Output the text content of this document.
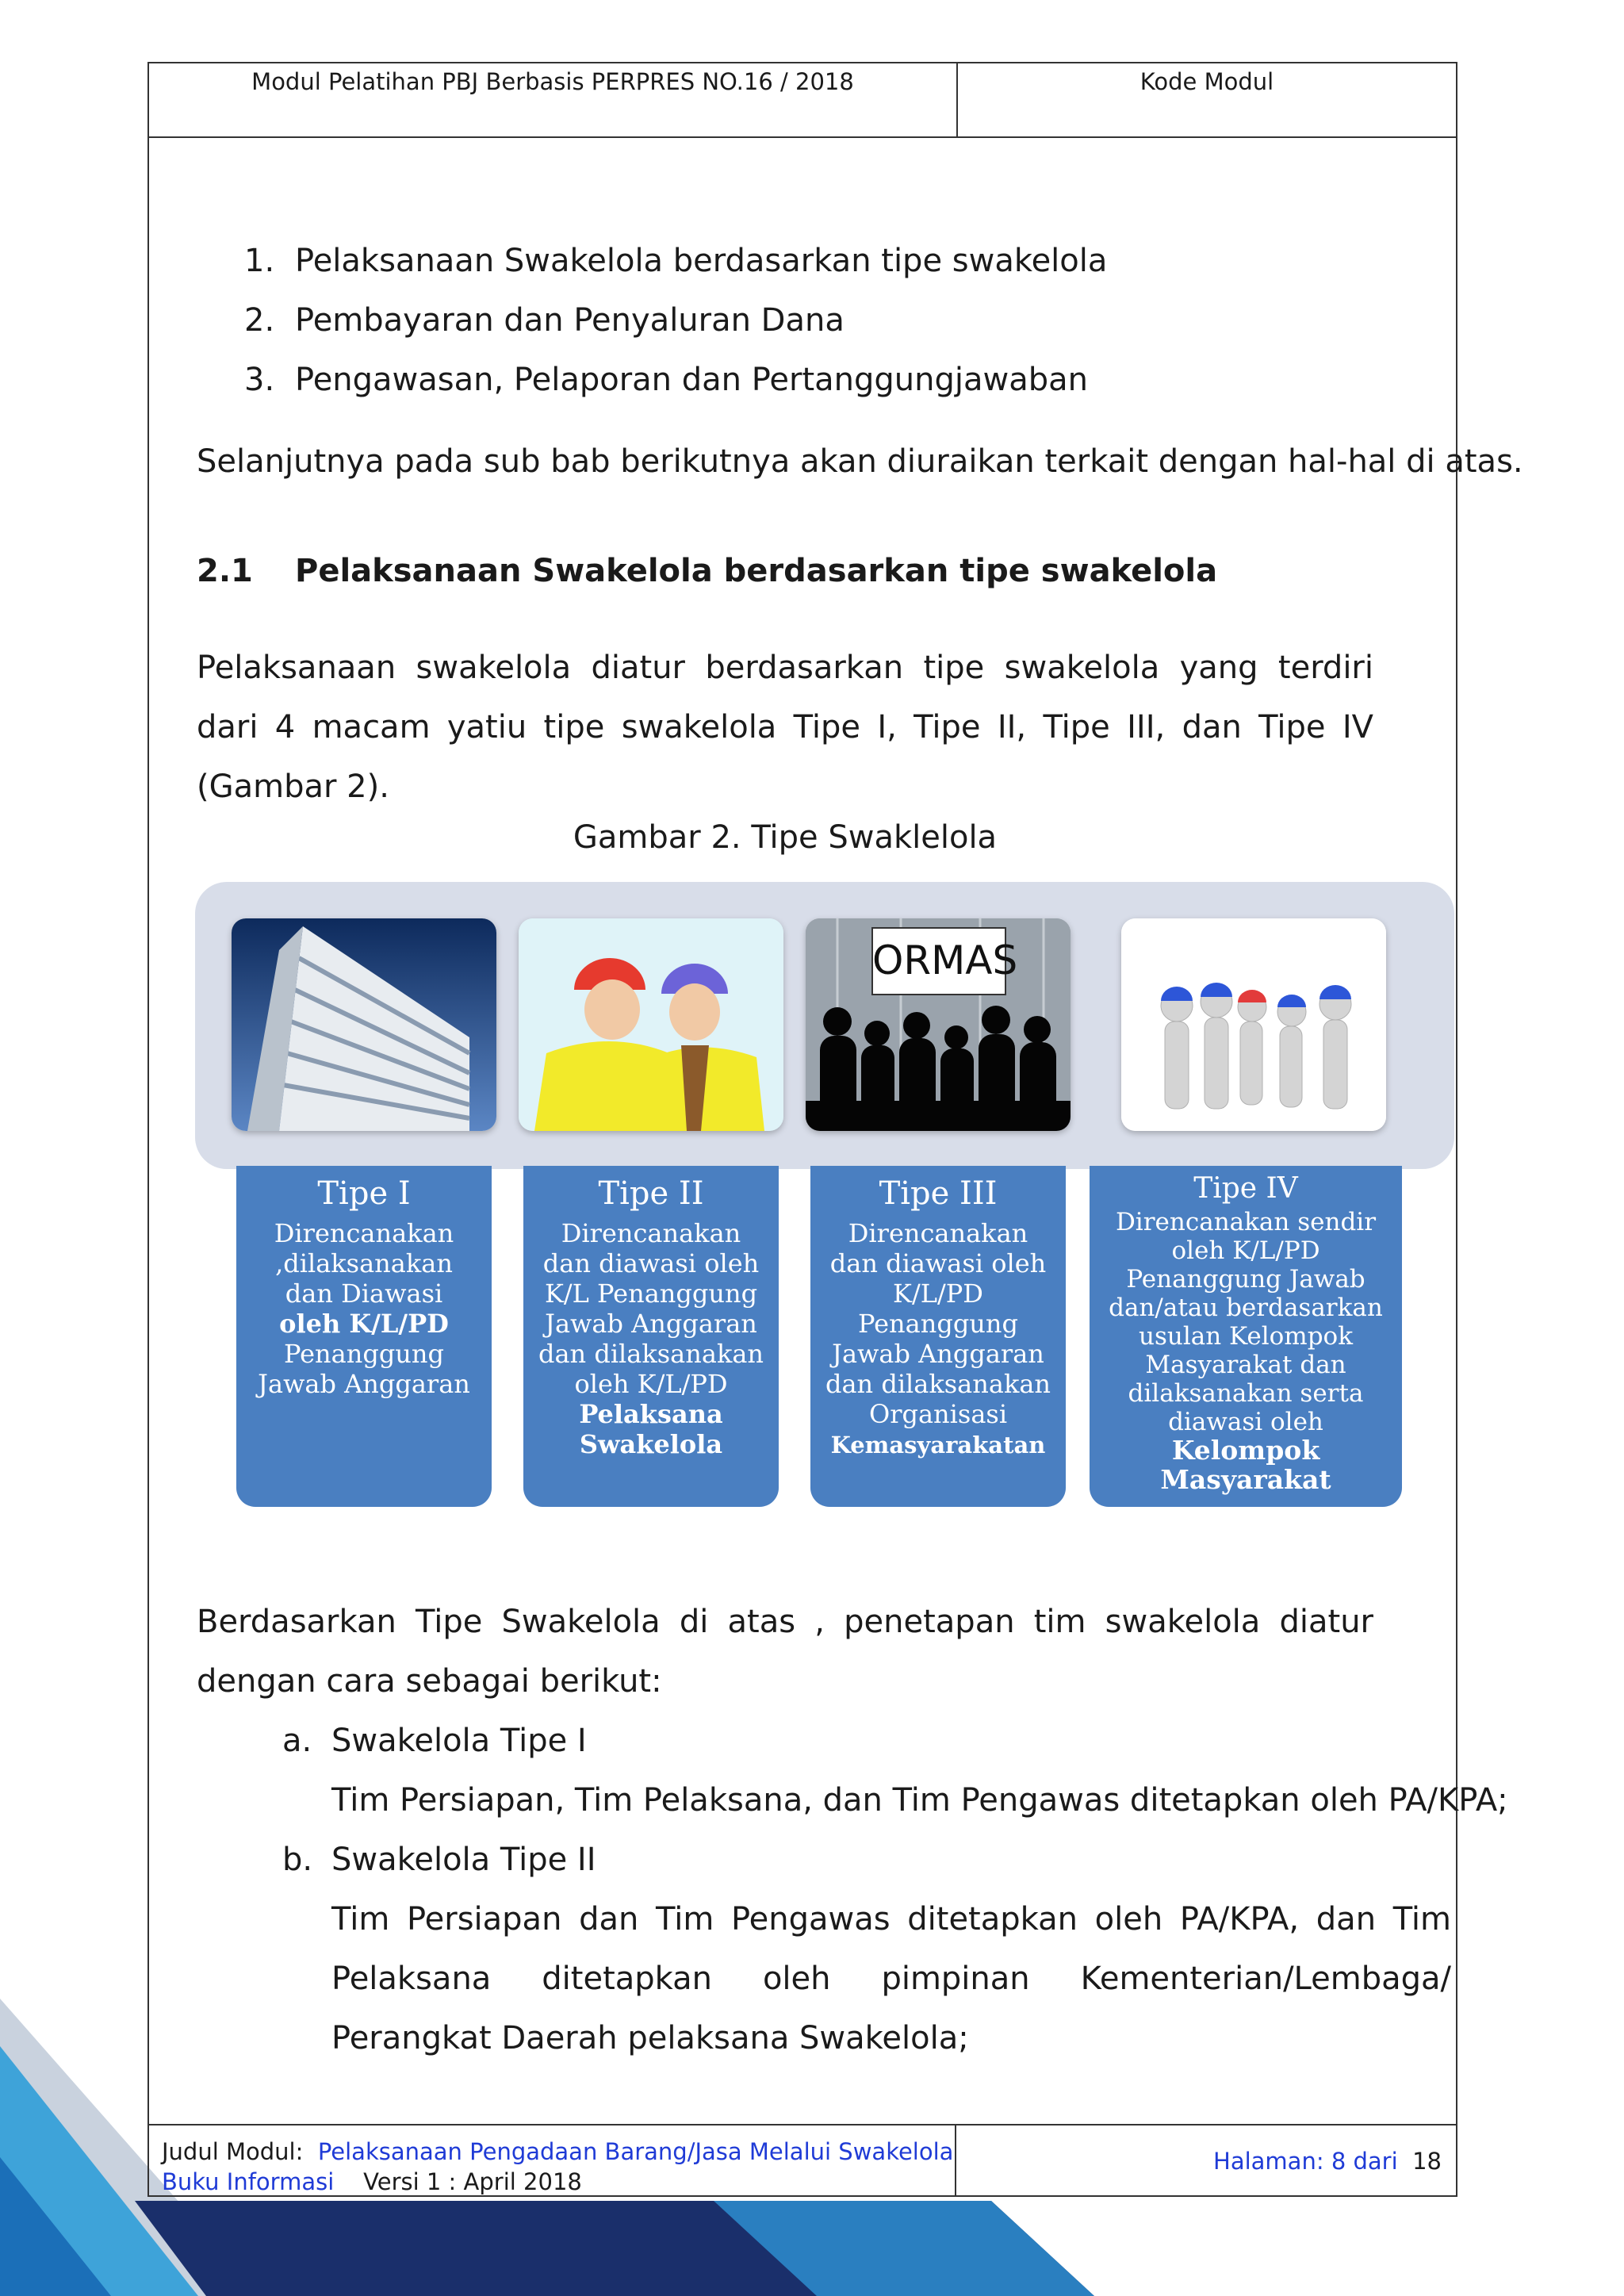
Modul Pelatihan PBJ Berbasis PERPRES NO.16 / 2018	Kode Modul
1. Pelaksanaan Swakelola berdasarkan tipe swakelola
2. Pembayaran dan Penyaluran Dana
3. Pengawasan, Pelaporan dan Pertanggungjawaban
Selanjutnya pada sub bab berikutnya akan diuraikan terkait dengan hal-hal di atas.
2.1	Pelaksanaan Swakelola berdasarkan tipe swakelola
Pelaksanaan swakelola diatur berdasarkan tipe swakelola yang terdiri dari 4 macam yatiu tipe swakelola Tipe I, Tipe II, Tipe III, dan Tipe IV (Gambar 2).
Gambar 2. Tipe Swaklelola
ORMAS
Tipe I
Direncanakan ,dilaksanakan dan Diawasi
oleh K/L/PD
Penanggung Jawab Anggaran
Tipe II
Direncanakan dan diawasi oleh K/L Penanggung Jawab Anggaran dan dilaksanakan oleh K/L/PD
Pelaksana Swakelola
Tipe III
Direncanakan dan diawasi oleh K/L/PD Penanggung Jawab Anggaran dan dilaksanakan Organisasi
Kemasyarakatan
Tipe IV
Direncanakan sendir oleh K/L/PD Penanggung Jawab dan/atau berdasarkan usulan Kelompok Masyarakat dan dilaksanakan serta diawasi oleh
Kelompok Masyarakat
Berdasarkan Tipe Swakelola di atas , penetapan tim swakelola diatur dengan cara sebagai berikut:
a. Swakelola Tipe I
Tim Persiapan, Tim Pelaksana, dan Tim Pengawas ditetapkan oleh PA/KPA;
b. Swakelola Tipe II
Tim Persiapan dan Tim Pengawas ditetapkan oleh PA/KPA, dan Tim Pelaksana ditetapkan oleh pimpinan Kementerian/Lembaga/ Perangkat Daerah pelaksana Swakelola;
Judul Modul: Pelaksanaan Pengadaan Barang/Jasa Melalui Swakelola
Buku Informasi Versi 1 : April 2018
Halaman: 8 dari 18
